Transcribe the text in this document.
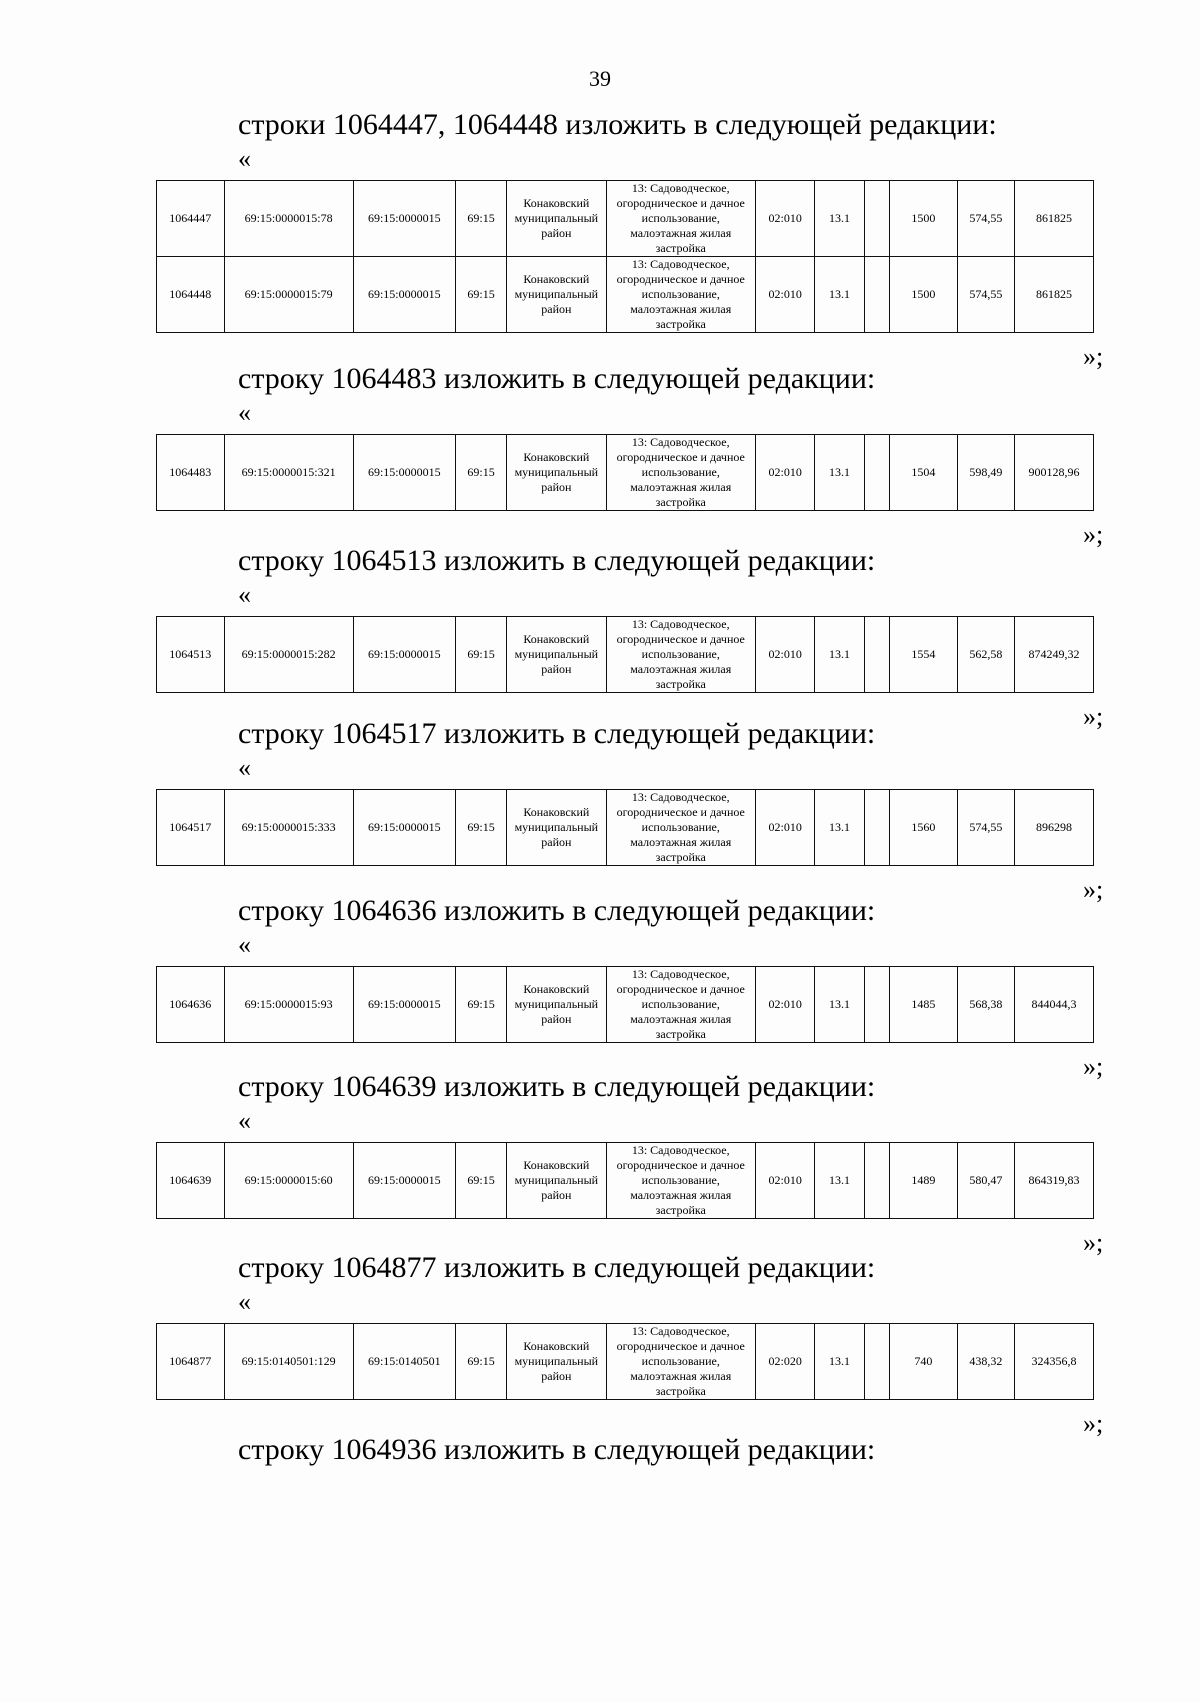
39
строки 1064447, 1064448 изложить в следующей редакции:
«
1064447	69:15:0000015:78	69:15:0000015	69:15	Конаковский муниципальный район	13: Садоводческое, огородническое и дачное использование, малоэтажная жилая застройка	02:010	13.1		1500	574,55	861825
1064448	69:15:0000015:79	69:15:0000015	69:15	Конаковский муниципальный район	13: Садоводческое, огородническое и дачное использование, малоэтажная жилая застройка	02:010	13.1		1500	574,55	861825
»;
строку 1064483 изложить в следующей редакции:
«
1064483	69:15:0000015:321	69:15:0000015	69:15	Конаковский муниципальный район	13: Садоводческое, огородническое и дачное использование, малоэтажная жилая застройка	02:010	13.1		1504	598,49	900128,96
»;
строку 1064513 изложить в следующей редакции:
«
1064513	69:15:0000015:282	69:15:0000015	69:15	Конаковский муниципальный район	13: Садоводческое, огородническое и дачное использование, малоэтажная жилая застройка	02:010	13.1		1554	562,58	874249,32
»;
строку 1064517 изложить в следующей редакции:
«
1064517	69:15:0000015:333	69:15:0000015	69:15	Конаковский муниципальный район	13: Садоводческое, огородническое и дачное использование, малоэтажная жилая застройка	02:010	13.1		1560	574,55	896298
»;
строку 1064636 изложить в следующей редакции:
«
1064636	69:15:0000015:93	69:15:0000015	69:15	Конаковский муниципальный район	13: Садоводческое, огородническое и дачное использование, малоэтажная жилая застройка	02:010	13.1		1485	568,38	844044,3
»;
строку 1064639 изложить в следующей редакции:
«
1064639	69:15:0000015:60	69:15:0000015	69:15	Конаковский муниципальный район	13: Садоводческое, огородническое и дачное использование, малоэтажная жилая застройка	02:010	13.1		1489	580,47	864319,83
»;
строку 1064877 изложить в следующей редакции:
«
1064877	69:15:0140501:129	69:15:0140501	69:15	Конаковский муниципальный район	13: Садоводческое, огородническое и дачное использование, малоэтажная жилая застройка	02:020	13.1		740	438,32	324356,8
»;
строку 1064936 изложить в следующей редакции:
